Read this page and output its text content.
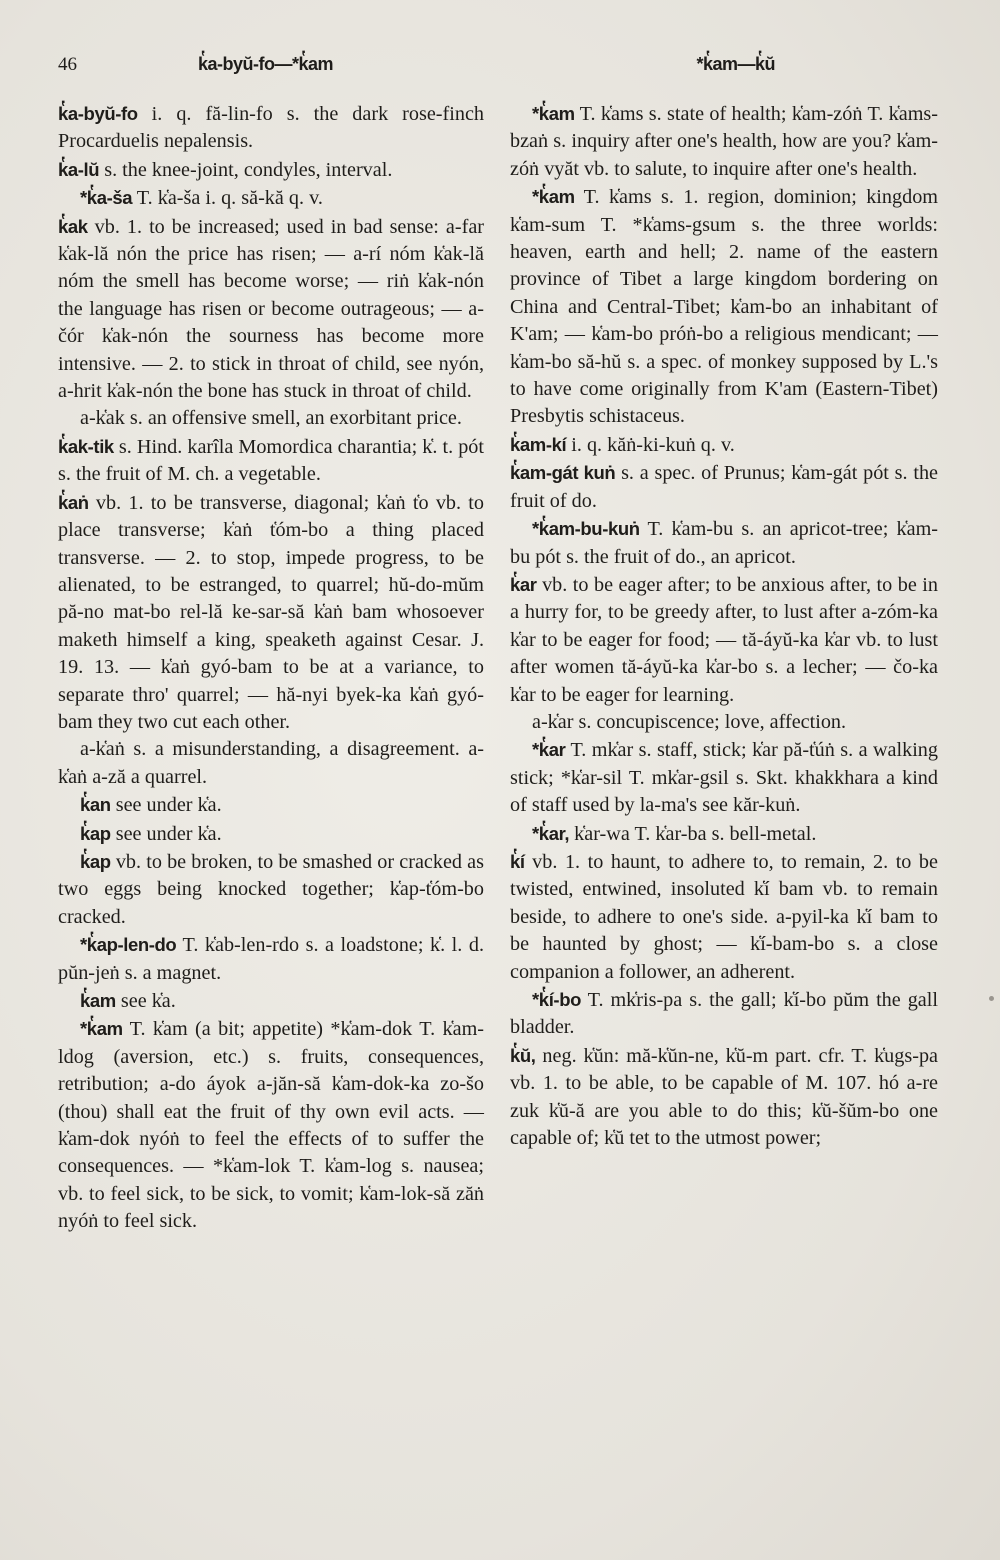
46	k̔a-byŭ-fo—*k̔am	*k̔am—k̔ŭ

k̔a-byŭ-fo i. q. fă-lin-fo s. the dark rose-finch Procarduelis nepalensis.

k̔a-lŭ s. the knee-joint, condyles, interval.

*k̔a-ša T. k̔a-ša i. q. să-kă q. v.

k̔ak vb. 1. to be increased; used in bad sense: a-far k̔ak-lă nón the price has risen; — a-rí nóm k̔ak-lă nóm the smell has become worse; — riṅ k̔ak-nón the language has risen or become outrageous; — a-čór k̔ak-nón the sourness has become more intensive. — 2. to stick in throat of child, see nyón, a-hrit k̔ak-nón the bone has stuck in throat of child.

a-k̔ak s. an offensive smell, an exorbitant price.

k̔ak-tik s. Hind. karîla Momordica charantia; k̔. t. pót s. the fruit of M. ch. a vegetable.

k̔aṅ vb. 1. to be transverse, diagonal; k̔aṅ t̔o vb. to place transverse; k̔aṅ t̔óm-bo a thing placed transverse. — 2. to stop, impede progress, to be alienated, to be estranged, to quarrel; hŭ-do-mŭm pă-no mat-bo rel-lă ke-sar-să k̔aṅ bam whosoever maketh himself a king, speaketh against Cesar. J. 19. 13. — k̔aṅ gyó-bam to be at a variance, to separate thro' quarrel; — hă-nyi byek-ka k̔aṅ gyó-bam they two cut each other.

a-k̔aṅ s. a misunderstanding, a disagreement. a-k̔aṅ a-ză a quarrel.

k̔an see under k̔a.

k̔ap see under k̔a.

k̔ap vb. to be broken, to be smashed or cracked as two eggs being knocked together; k̔ap-t̔óm-bo cracked.

*k̔ap-len-do T. k̔ab-len-rdo s. a loadstone; k̔. l. d. pŭn-jeṅ s. a magnet.

k̔am see k̔a.

*k̔am T. k̔am (a bit; appetite) *k̔am-dok T. k̔am-ldog (aversion, etc.) s. fruits, consequences, retribution; a-do áyok a-jăn-să k̔am-dok-ka zo-šo (thou) shall eat the fruit of thy own evil acts. — k̔am-dok nyóṅ to feel the effects of to suffer the consequences. — *k̔am-lok T. k̔am-log s. nausea; vb. to feel sick, to be sick, to vomit; k̔am-lok-să zăṅ nyóṅ to feel sick.

*k̔am T. k̔ams s. state of health; k̔am-zóṅ T. k̔ams-bzaṅ s. inquiry after one's health, how are you? k̔am-zóṅ vyăt vb. to salute, to inquire after one's health.

*k̔am T. k̔ams s. 1. region, dominion; kingdom k̔am-sum T. *k̔ams-gsum s. the three worlds: heaven, earth and hell; 2. name of the eastern province of Tibet a large kingdom bordering on China and Central-Tibet; k̔am-bo an inhabitant of K'am; — k̔am-bo próṅ-bo a religious mendicant; — k̔am-bo să-hŭ s. a spec. of monkey supposed by L.'s to have come originally from K'am (Eastern-Tibet) Presbytis schistaceus.

k̔am-kí i. q. kăṅ-ki-kuṅ q. v.

k̔am-gát kuṅ s. a spec. of Prunus; k̔am-gát pót s. the fruit of do.

*k̔am-bu-kuṅ T. k̔am-bu s. an apricot-tree; k̔am-bu pót s. the fruit of do., an apricot.

k̔ar vb. to be eager after; to be anxious after, to be in a hurry for, to be greedy after, to lust after a-zóm-ka k̔ar to be eager for food; — tă-áyŭ-ka k̔ar vb. to lust after women tă-áyŭ-ka k̔ar-bo s. a lecher; — čo-ka k̔ar to be eager for learning.

a-k̔ar s. concupiscence; love, affection.

*k̔ar T. mk̔ar s. staff, stick; k̔ar pă-t̔úṅ s. a walking stick; *k̔ar-sil T. mk̔ar-gsil s. Skt. khakkhara a kind of staff used by la-ma's see kăr-kuṅ.

*k̔ar, k̔ar-wa T. k̔ar-ba s. bell-metal.

k̔í vb. 1. to haunt, to adhere to, to remain, 2. to be twisted, entwined, insoluted k̔í bam vb. to remain beside, to adhere to one's side. a-pyil-ka k̔í bam to be haunted by ghost; — k̔í-bam-bo s. a close companion a follower, an adherent.

*k̔í-bo T. mk̔ris-pa s. the gall; k̔í-bo pŭm the gall bladder.

k̔ŭ, neg. k̔ŭn: mă-k̔ŭn-ne, k̔ŭ-m part. cfr. T. k̔ugs-pa vb. 1. to be able, to be capable of M. 107. hó a-re zuk k̔ŭ-ă are you able to do this; k̔ŭ-šŭm-bo one capable of; k̔ŭ tet to the utmost power;
